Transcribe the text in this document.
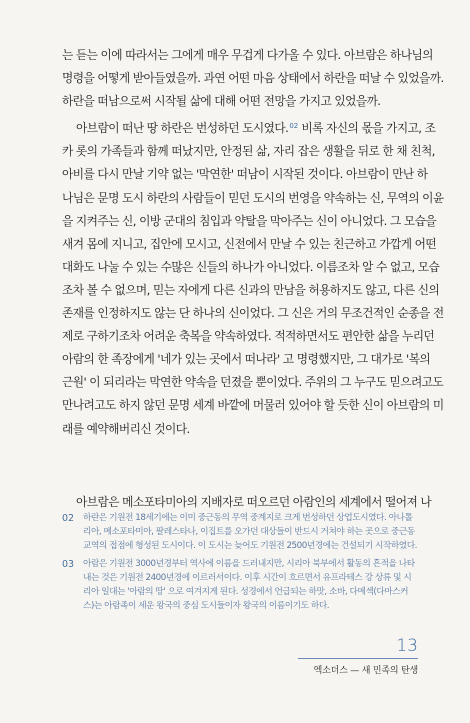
는 듣는 이에 따라서는 그에게 매우 무겁게 다가올 수 있다. 아브람은 하나님의
명령을 어떻게 받아들였을까. 과연 어떤 마음 상태에서 하란을 떠날 수 있었을까.
하란을 떠남으로써 시작될 삶에 대해 어떤 전망을 가지고 있었을까.
아브람이 떠난 땅 하란은 번성하던 도시였다.$^{02}$ 비록 자신의 몫을 가지고, 조
카 롯의 가족들과 함께 떠났지만, 안정된 삶, 자리 잡은 생활을 뒤로 한 채 친척,
아비를 다시 만날 기약 없는 '막연한' 떠남이 시작된 것이다. 아브람이 만난 하
나님은 문명 도시 하란의 사람들이 믿던 도시의 번영을 약속하는 신, 무역의 이윤
을 지켜주는 신, 이방 군대의 침입과 약탈을 막아주는 신이 아니었다. 그 모습을
새겨 몸에 지니고, 집안에 모시고, 신전에서 만날 수 있는 친근하고 가깝게 어떤
대화도 나눌 수 있는 수많은 신들의 하나가 아니었다. 이름조차 알 수 없고, 모습
조차 볼 수 없으며, 믿는 자에게 다른 신과의 만남을 허용하지도 않고, 다른 신의
존재를 인정하지도 않는 단 하나의 신이었다. 그 신은 거의 무조건적인 순종을 전
제로 구하기조차 어려운 축복을 약속하였다. 적적하면서도 편안한 삶을 누리던
아람의 한 족장에게 '네가 있는 곳에서 떠나라' 고 명령했지만, 그 대가로 '복의
근원' 이 되리라는 막연한 약속을 던졌을 뿐이었다. 주위의 그 누구도 믿으려고도
만나려고도 하지 않던 문명 세계 바깥에 머물러 있어야 할 듯한 신이 아브람의 미
래를 예약해버리신 것이다.
아브람은 메소포타미아의 지배자로 떠오르던 아람인의 세계에서 떨어져 나
02 하란은 기원전 18세기에는 이미 중근동의 무역 중계지로 크게 번성하던 상업도시였다. 아나톨
리아, 메소포타미아, 팔레스타나, 이집트를 오가던 대상들이 반드시 거쳐야 하는 곳으로 중근동
교역의 접점에 형성된 도시이다. 이 도시는 늦어도 기원전 2500년경에는 건설되기 시작하였다.
03 아람은 기원전 3000년경부터 역사에 이름을 드러내지만, 시리아 북부에서 활동의 흔적을 나타
내는 것은 기원전 2400년경에 이르러서이다. 이후 시간이 흐르면서 유프라테스 강 상류 및 시
리아 일대는 '아람의 땅' 으로 여겨지게 된다. 성경에서 언급되는 하맛, 소바, 다메섹(다마스커
스)는 아람족이 세운 왕국의 중심 도시들이자 왕국의 이름이기도 하다.
13
엑소더스 — 새 민족의 탄생
